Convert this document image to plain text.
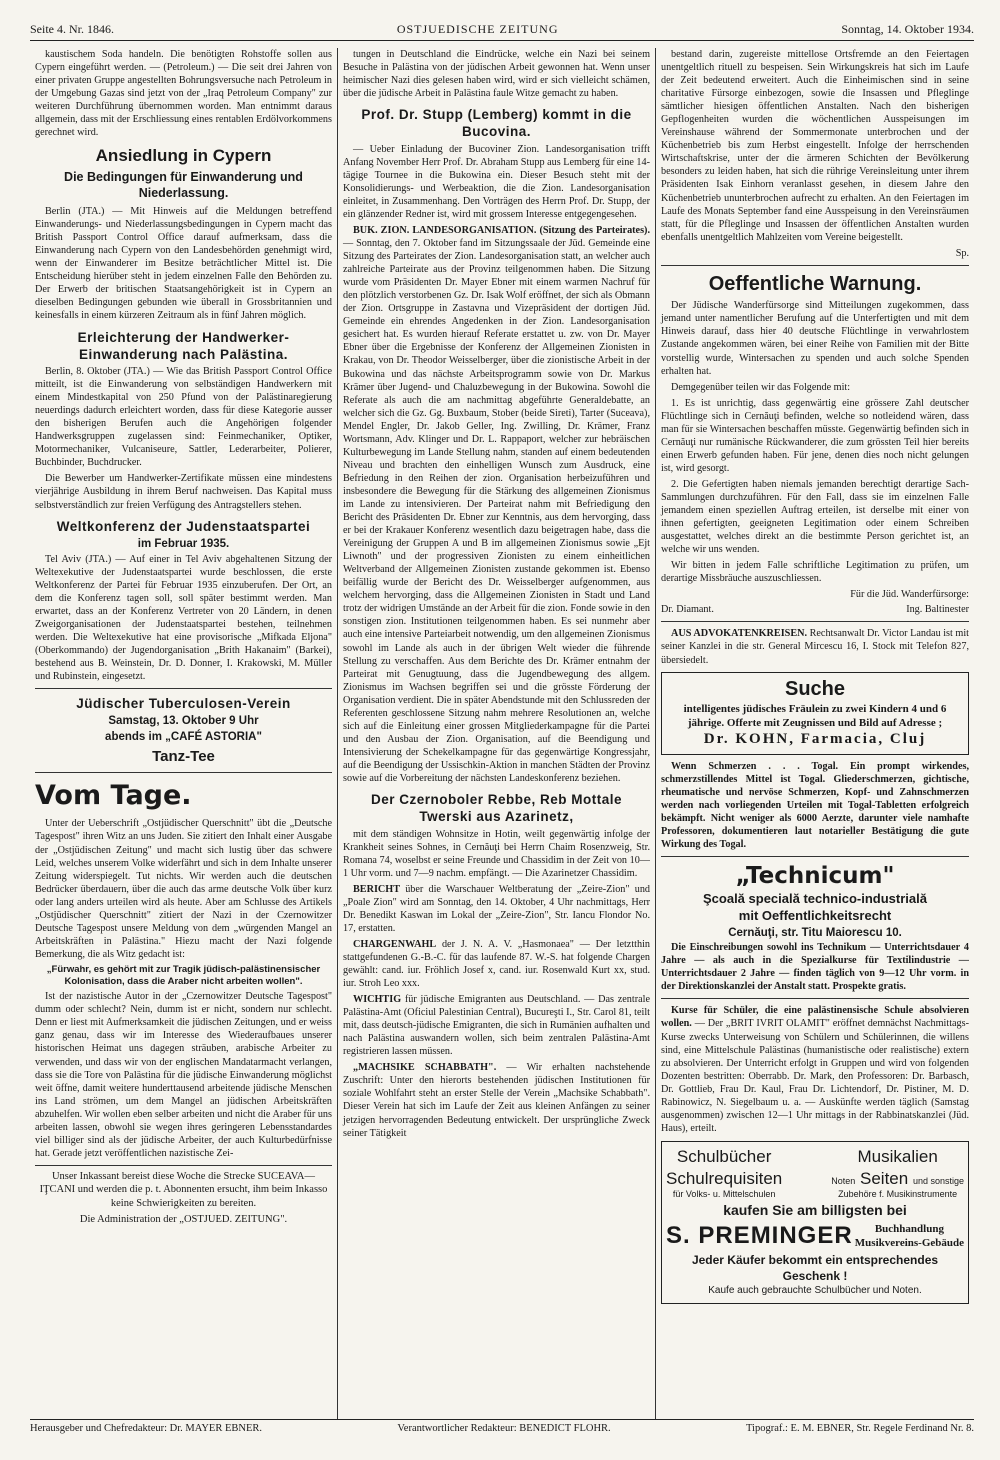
Seite 4. Nr. 1846.	OSTJUEDISCHE ZEITUNG	Sonntag, 14. Oktober 1934.

kaustischem Soda handeln. Die benötigten Rohstoffe sollen aus Cypern eingeführt werden. — (Petroleum.) — Die seit drei Jahren von einer privaten Gruppe angestellten Bohrungsversuche nach Petroleum in der Umgebung Gazas sind jetzt von der „Iraq Petroleum Company" zur weiteren Durchführung übernommen worden. Man entnimmt daraus allgemein, dass mit der Erschliessung eines rentablen Erdölvorkommens gerechnet wird.

Ansiedlung in Cypern
Die Bedingungen für Einwanderung und Niederlassung.

Berlin (JTA.) — Mit Hinweis auf die Meldungen betreffend Einwanderungs- und Niederlassungsbedingungen in Cypern macht das British Passport Control Office darauf aufmerksam, dass die Einwanderung nach Cypern von den Landesbehörden genehmigt wird, wenn der Einwanderer im Besitze beträchtlicher Mittel ist. Die Entscheidung hierüber steht in jedem einzelnen Falle den Behörden zu. Der Erwerb der britischen Staatsangehörigkeit ist in Cypern an dieselben Bedingungen gebunden wie überall in Grossbritannien und keinesfalls in einem kürzeren Zeitraum als in fünf Jahren möglich.

Erleichterung der Handwerker-Einwanderung nach Palästina.

Berlin, 8. Oktober (JTA.) — Wie das British Passport Control Office mitteilt, ist die Einwanderung von selbständigen Handwerkern mit einem Mindestkapital von 250 Pfund von der Palästinaregierung neuerdings dadurch erleichtert worden, dass für diese Kategorie ausser den bisherigen Berufen auch die Angehörigen folgender Handwerksgruppen zugelassen sind: Feinmechaniker, Optiker, Motormechaniker, Vulcaniseure, Sattler, Lederarbeiter, Polierer, Buchbinder, Buchdrucker.

Die Bewerber um Handwerker-Zertifikate müssen eine mindestens vierjährige Ausbildung in ihrem Beruf nachweisen. Das Kapital muss selbstverständlich zur freien Verfügung des Antragstellers stehen.

Weltkonferenz der Judenstaatspartei
im Februar 1935.

Tel Aviv (JTA.) — Auf einer in Tel Aviv abgehaltenen Sitzung der Weltexekutive der Judenstaatspartei wurde beschlossen, die erste Weltkonferenz der Partei für Februar 1935 einzuberufen. Der Ort, an dem die Konferenz tagen soll, soll später bestimmt werden. Man erwartet, dass an der Konferenz Vertreter von 20 Ländern, in denen Zweigorganisationen der Judenstaatspartei bestehen, teilnehmen werden. Die Weltexekutive hat eine provisorische „Mifkada Eljona" (Oberkommando) der Jugendorganisation „Brith Hakanaim" (Barkei), bestehend aus B. Weinstein, Dr. D. Donner, I. Krakowski, M. Müller und Rubinstein, eingesetzt.

Jüdischer Tuberculosen-Verein
Samstag, 13. Oktober 9 Uhr
abends im „CAFÉ ASTORIA"
Tanz-Tee
Vom Tage.

Unter der Ueberschrift „Ostjüdischer Querschnitt" übt die „Deutsche Tagespost" ihren Witz an uns Juden. Sie zitiert den Inhalt einer Ausgabe der „Ostjüdischen Zeitung" und macht sich lustig über das schwere Leid, welches unserem Volke widerfährt und sich in dem Inhalte unserer Zeitung widerspiegelt. Tut nichts. Wir werden auch die deutschen Bedrücker überdauern, über die auch das arme deutsche Volk über kurz oder lang anders urteilen wird als heute. Aber am Schlusse des Artikels „Ostjüdischer Querschnitt" zitiert der Nazi in der Czernowitzer Deutsche Tagespost unsere Meldung von dem „würgenden Mangel an Arbeitskräften in Palästina." Hiezu macht der Nazi folgende Bemerkung, die als Witz gedacht ist:

„Fürwahr, es gehört mit zur Tragik jüdisch-palästinensischer Kolonisation, dass die Araber nicht arbeiten wollen".

Ist der nazistische Autor in der „Czernowitzer Deutsche Tagespost" dumm oder schlecht? Nein, dumm ist er nicht, sondern nur schlecht. Denn er liest mit Aufmerksamkeit die jüdischen Zeitungen, und er weiss ganz genau, dass wir im Interesse des Wiederaufbaues unserer historischen Heimat uns dagegen sträuben, arabische Arbeiter zu verwenden, und dass wir von der englischen Mandatarmacht verlangen, dass sie die Tore von Palästina für die jüdische Einwanderung möglichst weit öffne, damit weitere hunderttausend arbeitende jüdische Menschen ins Land strömen, um dem Mangel an jüdischen Arbeitskräften abzuhelfen. Wir wollen eben selber arbeiten und nicht die Araber für uns arbeiten lassen, obwohl sie wegen ihres geringeren Lebensstandardes viel billiger sind als der jüdische Arbeiter, der auch Kulturbedürfnisse hat. Gerade jetzt veröffentlichen nazistische Zei-

Unser Inkassant bereist diese Woche die Strecke SUCEAVA—IŢCANI und werden die p. t. Abonnenten ersucht, ihm beim Inkasso keine Schwierigkeiten zu bereiten.

Die Administration der „OSTJUED. ZEITUNG".

tungen in Deutschland die Eindrücke, welche ein Nazi bei seinem Besuche in Palästina von der jüdischen Arbeit gewonnen hat. Wenn unser heimischer Nazi dies gelesen haben wird, wird er sich vielleicht schämen, über die jüdische Arbeit in Palästina faule Witze gemacht zu haben.

Prof. Dr. Stupp (Lemberg) kommt in die Bucovina.

— Ueber Einladung der Bucoviner Zion. Landesorganisation trifft Anfang November Herr Prof. Dr. Abraham Stupp aus Lemberg für eine 14-tägige Tournee in die Bukowina ein. Dieser Besuch steht mit der Konsolidierungs- und Werbeaktion, die die Zion. Landesorganisation einleitet, in Zusammenhang. Den Vorträgen des Herrn Prof. Dr. Stupp, der ein glänzender Redner ist, wird mit grossem Interesse entgegengesehen.

BUK. ZION. LANDESORGANISATION. (Sitzung des Parteirates). — Sonntag, den 7. Oktober fand im Sitzungssaale der Jüd. Gemeinde eine Sitzung des Parteirates der Zion. Landesorganisation statt, an welcher auch zahlreiche Parteirate aus der Provinz teilgenommen haben. Die Sitzung wurde vom Präsidenten Dr. Mayer Ebner mit einem warmen Nachruf für den plötzlich verstorbenen Gz. Dr. Isak Wolf eröffnet, der sich als Obmann der Zion. Ortsgruppe in Zastavna und Vizepräsident der dortigen Jüd. Gemeinde ein ehrendes Angedenken in der Zion. Landesorganisation gesichert hat. Es wurden hierauf Referate erstattet u. zw. von Dr. Mayer Ebner über die Ergebnisse der Konferenz der Allgemeinen Zionisten in Krakau, von Dr. Theodor Weisselberger, über die zionistische Arbeit in der Bukowina und das nächste Arbeitsprogramm sowie von Dr. Markus Krämer über Jugend- und Chaluzbewegung in der Bukowina. Sowohl die Referate als auch die am nachmittag abgeführte Generaldebatte, an welcher sich die Gz. Gg. Buxbaum, Stober (beide Sireti), Tarter (Suceava), Mendel Engler, Dr. Jakob Geller, Ing. Zwilling, Dr. Krämer, Franz Wortsmann, Adv. Klinger und Dr. L. Rappaport, welcher zur hebräischen Kulturbewegung im Lande Stellung nahm, standen auf einem bedeutenden Niveau und brachten den einhelligen Wunsch zum Ausdruck, eine Befriedung in den Reihen der zion. Organisation herbeizuführen und insbesondere die Bewegung für die Stärkung des allgemeinen Zionismus im Lande zu intensivieren. Der Parteirat nahm mit Befriedigung den Bericht des Präsidenten Dr. Ebner zur Kenntnis, aus dem hervorging, dass er bei der Krakauer Konferenz wesentlich dazu beigetragen habe, dass die Vereinigung der Gruppen A und B im allgemeinen Zionismus sowie „Ejt Liwnoth" und der progressiven Zionisten zu einem einheitlichen Weltverband der Allgemeinen Zionisten zustande gekommen ist. Ebenso beifällig wurde der Bericht des Dr. Weisselberger aufgenommen, aus welchem hervorging, dass die Allgemeinen Zionisten in Stadt und Land trotz der widrigen Umstände an der Arbeit für die zion. Fonde sowie in den sonstigen zion. Institutionen teilgenommen haben. Es sei nunmehr aber auch eine intensive Parteiarbeit notwendig, um den allgemeinen Zionismus sowohl im Lande als auch in der übrigen Welt wieder die führende Stellung zu verschaffen. Aus dem Berichte des Dr. Krämer entnahm der Parteirat mit Genugtuung, dass die Jugendbewegung des allgem. Zionismus im Wachsen begriffen sei und die grösste Förderung der Organisation verdient. Die in später Abendstunde mit den Schlussreden der Referenten geschlossene Sitzung nahm mehrere Resolutionen an, welche sich auf die Einleitung einer grossen Mitgliederkampagne für die Partei und den Ausbau der Zion. Organisation, auf die Beendigung und Intensivierung der Schekelkampagne für das gegenwärtige Kongressjahr, auf die Beendigung der Ussischkin-Aktion in manchen Städten der Provinz sowie auf die Vorbereitung der nächsten Landeskonferenz beziehen.

Der Czernoboler Rebbe, Reb Mottale Twerski aus Azarinetz,

mit dem ständigen Wohnsitze in Hotin, weilt gegenwärtig infolge der Krankheit seines Sohnes, in Cernăuţi bei Herrn Chaim Rosenzweig, Str. Romana 74, woselbst er seine Freunde und Chassidim in der Zeit von 10—1 Uhr vorm. und 7—9 nachm. empfängt. — Die Azarinetzer Chassidim.

BERICHT über die Warschauer Weltberatung der „Zeire-Zion" und „Poale Zion" wird am Sonntag, den 14. Oktober, 4 Uhr nachmittags, Herr Dr. Benedikt Kaswan im Lokal der „Zeire-Zion", Str. Iancu Flondor No. 17, erstatten.

CHARGENWAHL der J. N. A. V. „Hasmonaea" — Der letztthin stattgefundenen G.-B.-C. für das laufende 87. W.-S. hat folgende Chargen gewählt: cand. iur. Fröhlich Josef x, cand. iur. Rosenwald Kurt xx, stud. iur. Stroh Leo xxx.

WICHTIG für jüdische Emigranten aus Deutschland. — Das zentrale Palästina-Amt (Oficiul Palestinian Central), Bucureşti I., Str. Carol 81, teilt mit, dass deutsch-jüdische Emigranten, die sich in Rumänien aufhalten und nach Palästina auswandern wollen, sich beim zentralen Palästina-Amt registrieren lassen müssen.

„MACHSIKE SCHABBATH". — Wir erhalten nachstehende Zuschrift: Unter den hierorts bestehenden jüdischen Institutionen für soziale Wohlfahrt steht an erster Stelle der Verein „Machsike Schabbath". Dieser Verein hat sich im Laufe der Zeit aus kleinen Anfängen zu seiner jetzigen hervorragenden Bedeutung entwickelt. Der ursprüngliche Zweck seiner Tätigkeit

bestand darin, zugereiste mittellose Ortsfremde an den Feiertagen unentgeltlich rituell zu bespeisen. Sein Wirkungskreis hat sich im Laufe der Zeit bedeutend erweitert. Auch die Einheimischen sind in seine charitative Fürsorge einbezogen, sowie die Insassen und Pfleglinge sämtlicher hiesigen öffentlichen Anstalten. Nach den bisherigen Gepflogenheiten wurden die wöchentlichen Ausspeisungen im Vereinshause während der Sommermonate unterbrochen und der Küchenbetrieb bis zum Herbst eingestellt. Infolge der herrschenden Wirtschaftskrise, unter der die ärmeren Schichten der Bevölkerung besonders zu leiden haben, hat sich die rührige Vereinsleitung unter ihrem Präsidenten Isak Einhorn veranlasst gesehen, in diesem Jahre den Küchenbetrieb ununterbrochen aufrecht zu erhalten. An den Feiertagen im Laufe des Monats September fand eine Ausspeisung in den Vereinsräumen statt, für die Pfleglinge und Insassen der öffentlichen Anstalten wurden ebenfalls unentgeltlich Mahlzeiten vom Vereine beigestellt.

Sp.
Oeffentliche Warnung.

Der Jüdische Wanderfürsorge sind Mitteilungen zugekommen, dass jemand unter namentlicher Berufung auf die Unterfertigten und mit dem Hinweis darauf, dass hier 40 deutsche Flüchtlinge in verwahrlostem Zustande angekommen wären, bei einer Reihe von Familien mit der Bitte vorstellig wurde, Wintersachen zu spenden und auch solche Spenden erhalten hat.

Demgegenüber teilen wir das Folgende mit:

1. Es ist unrichtig, dass gegenwärtig eine grössere Zahl deutscher Flüchtlinge sich in Cernăuţi befinden, welche so notleidend wären, dass man für sie Wintersachen beschaffen müsste. Gegenwärtig befinden sich in Cernăuţi nur rumänische Rückwanderer, die zum grössten Teil hier bereits einen Erwerb gefunden haben. Für jene, denen dies noch nicht gelungen ist, wird gesorgt.

2. Die Gefertigten haben niemals jemanden berechtigt derartige Sach-Sammlungen durchzuführen. Für den Fall, dass sie im einzelnen Falle jemandem einen speziellen Auftrag erteilen, ist derselbe mit einer von ihnen gefertigten, geeigneten Legitimation oder einem Schreiben ausgestattet, welches direkt an die bestimmte Person gerichtet ist, an welche wir uns wenden.

Wir bitten in jedem Falle schriftliche Legitimation zu prüfen, um derartige Missbräuche auszuschliessen.

Für die Jüd. Wanderfürsorge:
Dr. Diamant.	Ing. Baltinester

AUS ADVOKATENKREISEN. Rechtsanwalt Dr. Victor Landau ist mit seiner Kanzlei in die str. General Mircescu 16, I. Stock mit Telefon 827, übersiedelt.

Suche
intelligentes jüdisches Fräulein zu zwei Kindern 4 und 6 jährige. Offerte mit Zeugnissen und Bild auf Adresse ;
Dr. KOHN, Farmacia, Cluj

Wenn Schmerzen . . . Togal. Ein prompt wirkendes, schmerzstillendes Mittel ist Togal. Gliederschmerzen, gichtische, rheumatische und nervöse Schmerzen, Kopf- und Zahnschmerzen werden nach vorliegenden Urteilen mit Togal-Tabletten erfolgreich bekämpft. Nicht weniger als 6000 Aerzte, darunter viele namhafte Professoren, dokumentieren laut notarieller Bestätigung die gute Wirkung des Togal.

„Technicum"
Şcoală specială technico-industrială
mit Oeffentlichkeitsrecht
Cernăuţi, str. Titu Maiorescu 10.

Die Einschreibungen sowohl ins Technikum — Unterrichtsdauer 4 Jahre — als auch in die Spezialkurse für Textilindustrie — Unterrichtsdauer 2 Jahre — finden täglich von 9—12 Uhr vorm. in der Direktionskanzlei der Anstalt statt. Prospekte gratis.

Kurse für Schüler, die eine palästinensische Schule absolvieren wollen. — Der „BRIT IVRIT OLAMIT" eröffnet demnächst Nachmittags-Kurse zwecks Unterweisung von Schülern und Schülerinnen, die willens sind, eine Mittelschule Palästinas (humanistische oder realistische) extern zu absolvieren. Der Unterricht erfolgt in Gruppen und wird von folgenden Dozenten bestritten: Oberrabb. Dr. Mark, den Professoren: Dr. Barbasch, Dr. Gottlieb, Frau Dr. Kaul, Frau Dr. Lichtendorf, Dr. Pistiner, M. D. Rabinowicz, N. Siegelbaum u. a. — Auskünfte werden täglich (Samstag ausgenommen) zwischen 12—1 Uhr mittags in der Rabbinatskanzlei (Jüd. Haus), erteilt.

Schulbücher
Schulrequisiten
für Volks- u. Mittelschulen
Musikalien
Noten Seiten und sonstige
Zubehöre f. Musikinstrumente
kaufen Sie am billigsten bei
S. PREMINGER	Buchhandlung
Musikvereins-Gebäude
Jeder Käufer bekommt ein entsprechendes
Geschenk !
Kaufe auch gebrauchte Schulbücher und Noten.
Herausgeber und Chefredakteur: Dr. MAYER EBNER.	Verantwortlicher Redakteur: BENEDICT FLOHR.	Tipograf.: E. M. EBNER, Str. Regele Ferdinand Nr. 8.
